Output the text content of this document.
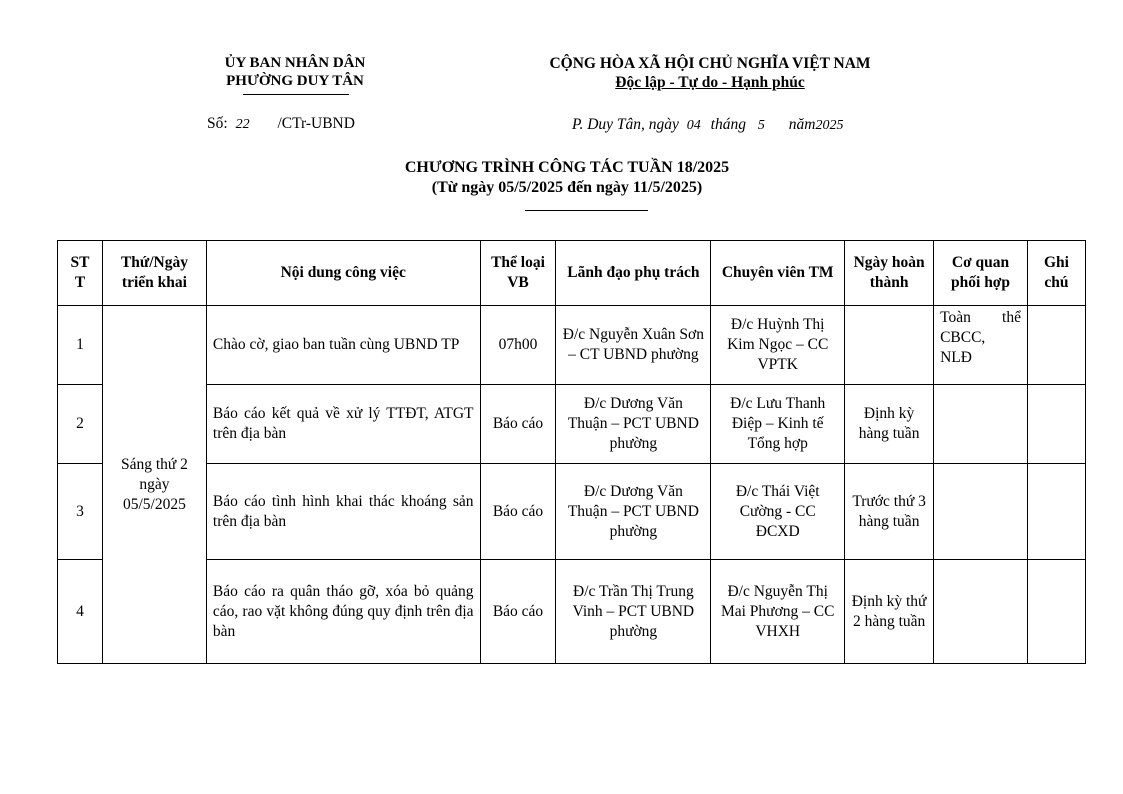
ỦY BAN NHÂN DÂN
PHƯỜNG DUY TÂN
CỘNG HÒA XÃ HỘI CHỦ NGHĨA VIỆT NAM
Độc lập - Tự do - Hạnh phúc
Số: 22 /CTr-UBND	P. Duy Tân, ngày 04 tháng 5 năm2025
CHƯƠNG TRÌNH CÔNG TÁC TUẦN 18/2025
(Từ ngày 05/5/2025 đến ngày 11/5/2025)
ST T	Thứ/Ngày triển khai	Nội dung công việc	Thể loại VB	Lãnh đạo phụ trách	Chuyên viên TM	Ngày hoàn thành	Cơ quan phối hợp	Ghi chú
1	Sáng thứ 2 ngày 05/5/2025	Chào cờ, giao ban tuần cùng UBND TP	07h00	Đ/c Nguyễn Xuân Sơn – CT UBND phường	Đ/c Huỳnh Thị Kim Ngọc – CC VPTK		Toàn thể CBCC, NLĐ	
2		Báo cáo kết quả về xử lý TTĐT, ATGT trên địa bàn	Báo cáo	Đ/c Dương Văn Thuận – PCT UBND phường	Đ/c Lưu Thanh Điệp – Kinh tế Tổng hợp	Định kỳ hàng tuần		
3		Báo cáo tình hình khai thác khoáng sản trên địa bàn	Báo cáo	Đ/c Dương Văn Thuận – PCT UBND phường	Đ/c Thái Việt Cường - CC ĐCXD	Trước thứ 3 hàng tuần		
4		Báo cáo ra quân tháo gỡ, xóa bỏ quảng cáo, rao vặt không đúng quy định trên địa bàn	Báo cáo	Đ/c Trần Thị Trung Vinh – PCT UBND phường	Đ/c Nguyễn Thị Mai Phương – CC VHXH	Định kỳ thứ 2 hàng tuần		
